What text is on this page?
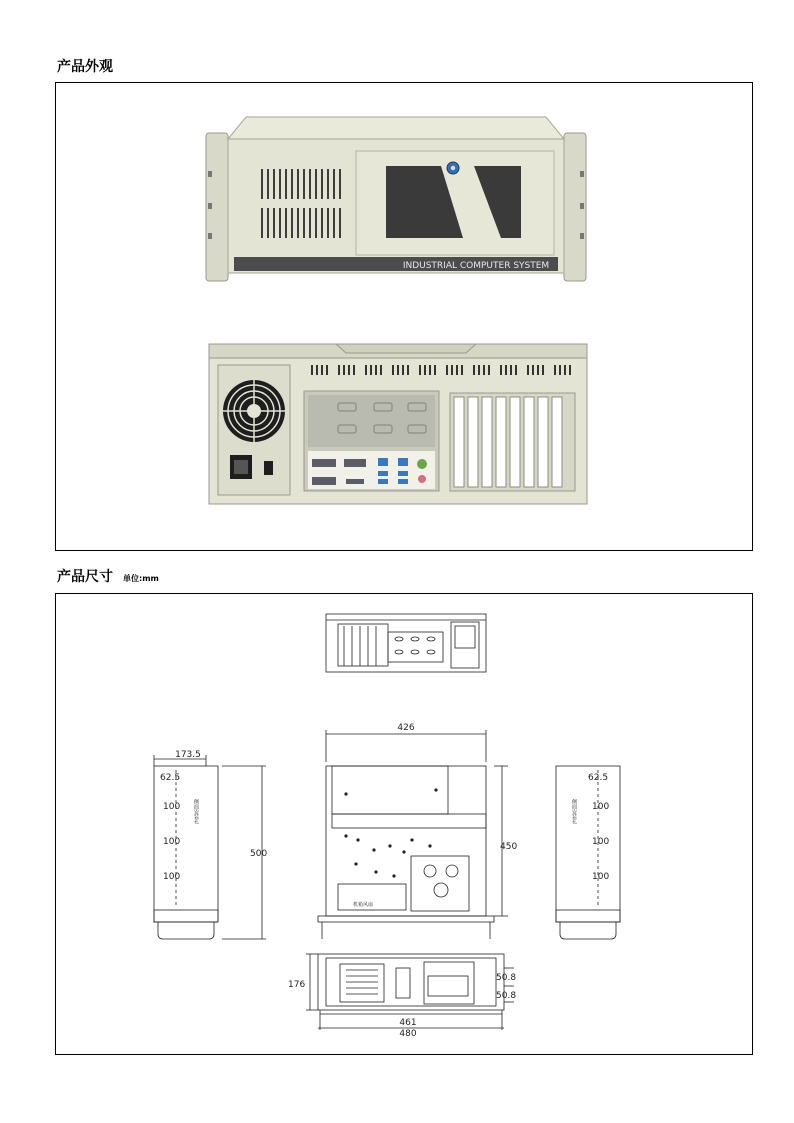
产品外观
INDUSTRIAL COMPUTER SYSTEM
产品尺寸 单位:mm
426
450
机箱风扇
173.5
62.5
100
100
100
侧面安装孔
500
62.5
100
100
100
侧面安装孔
176
50.8
50.8
461
480
